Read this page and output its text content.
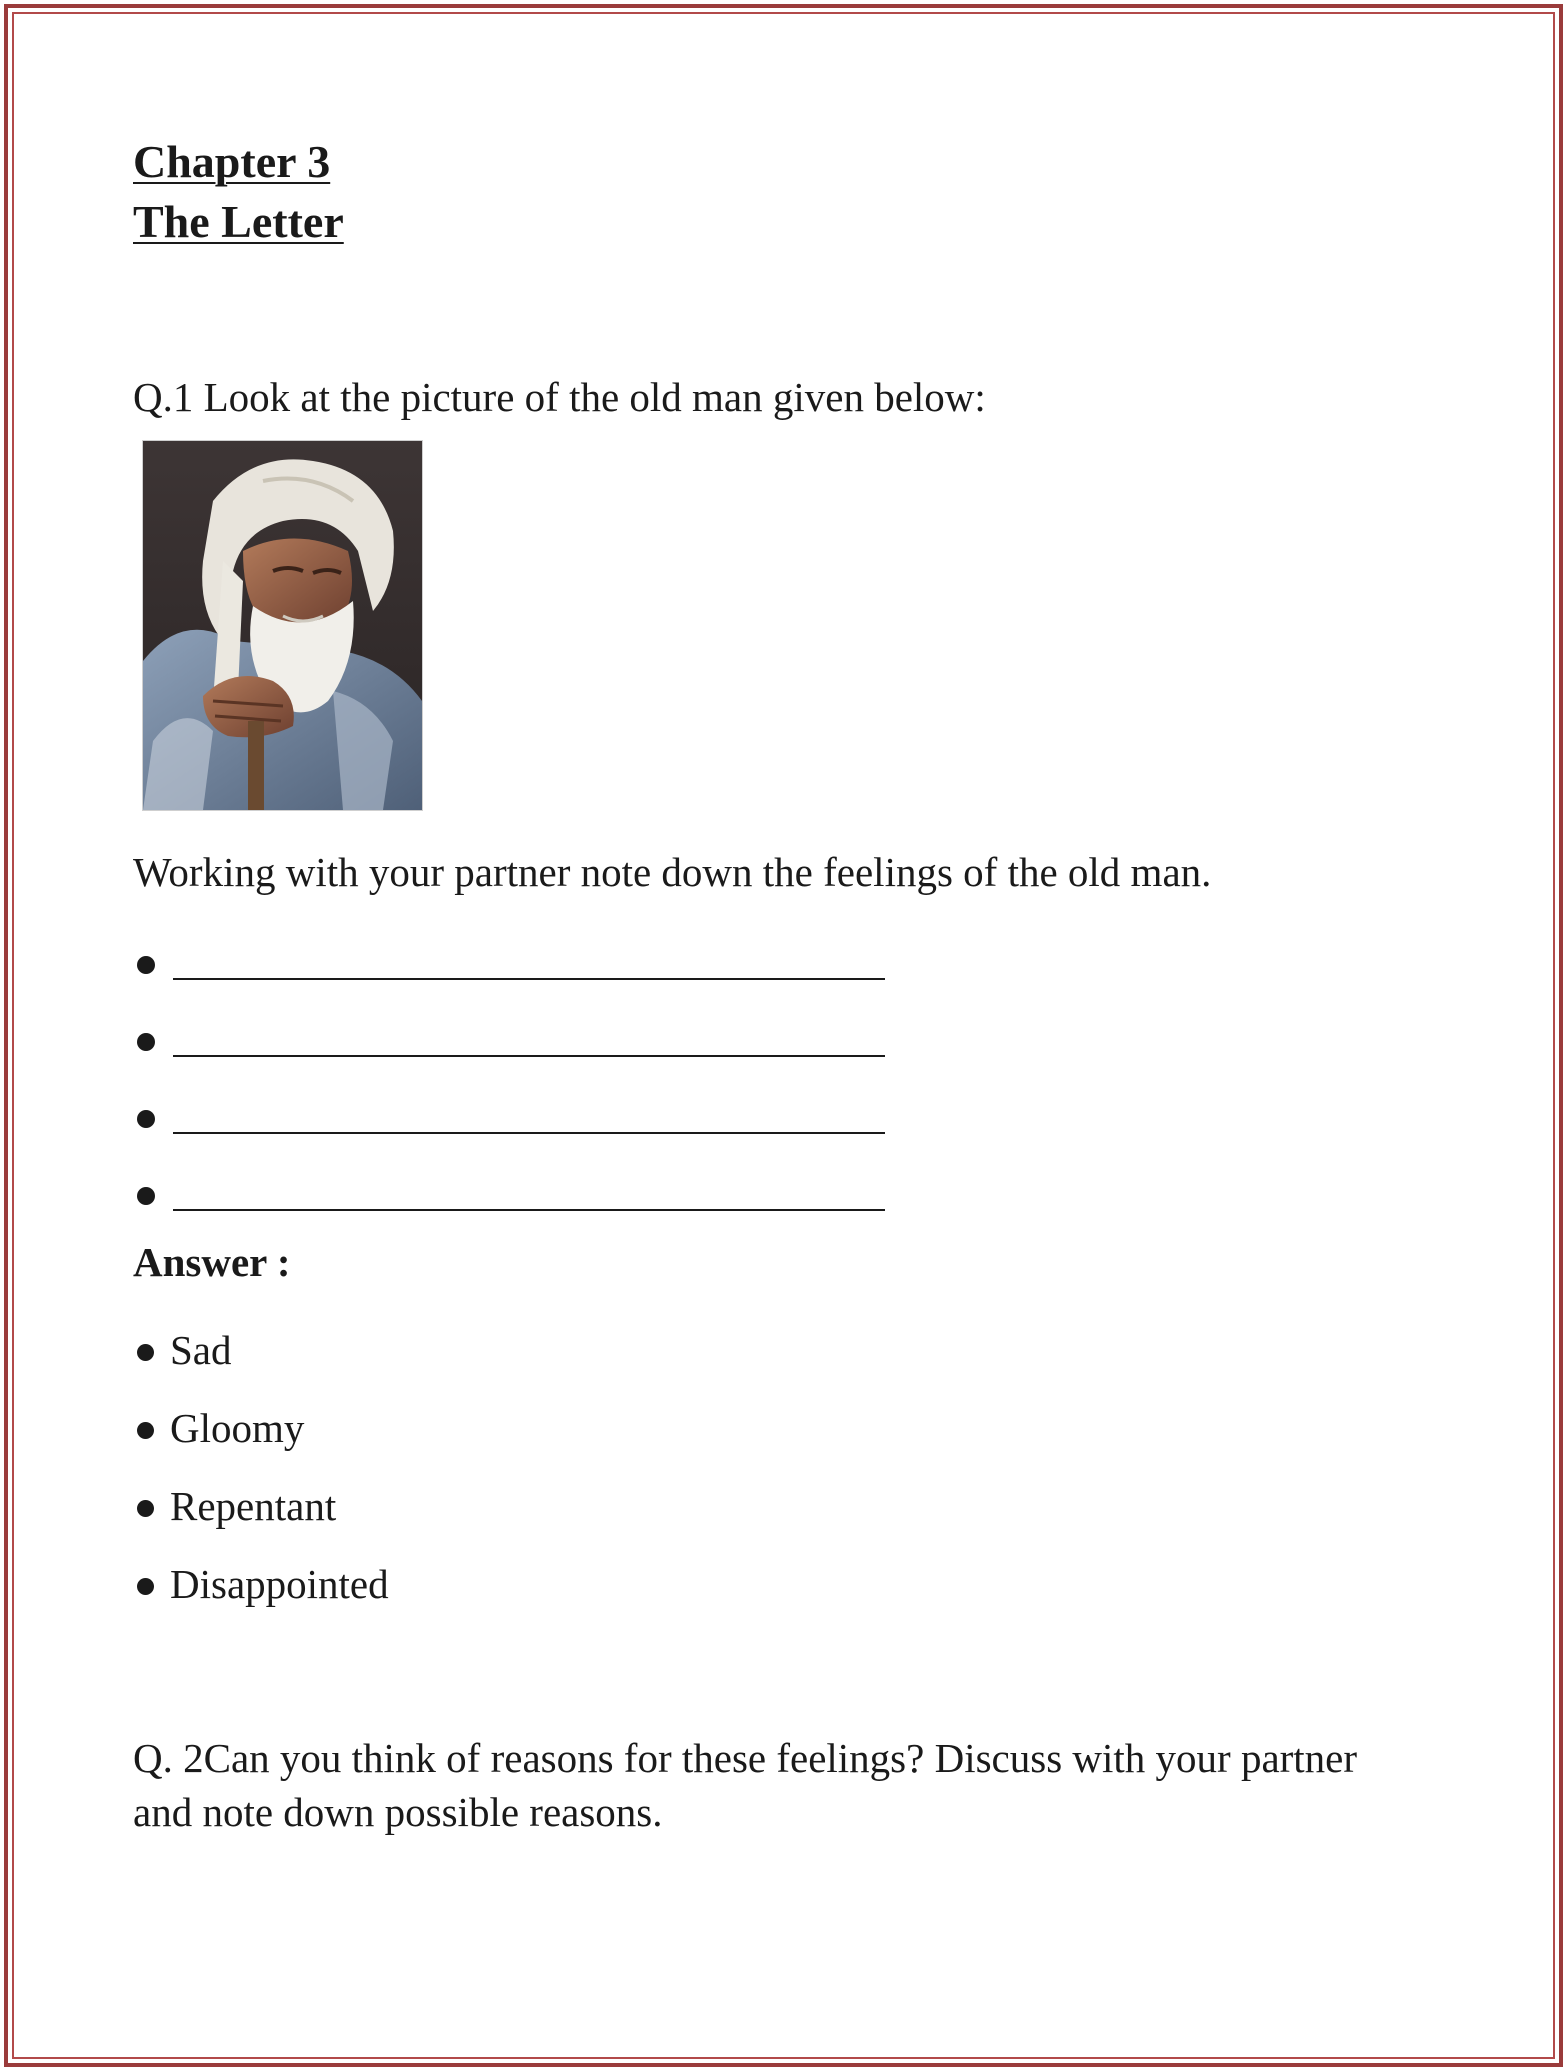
Chapter 3
The Letter
Q.1 Look at the picture of the old man given below:
Working with your partner note down the feelings of the old man.
Answer :
Sad
Gloomy
Repentant
Disappointed
Q. 2Can you think of reasons for these feelings? Discuss with your partner
and note down possible reasons.
